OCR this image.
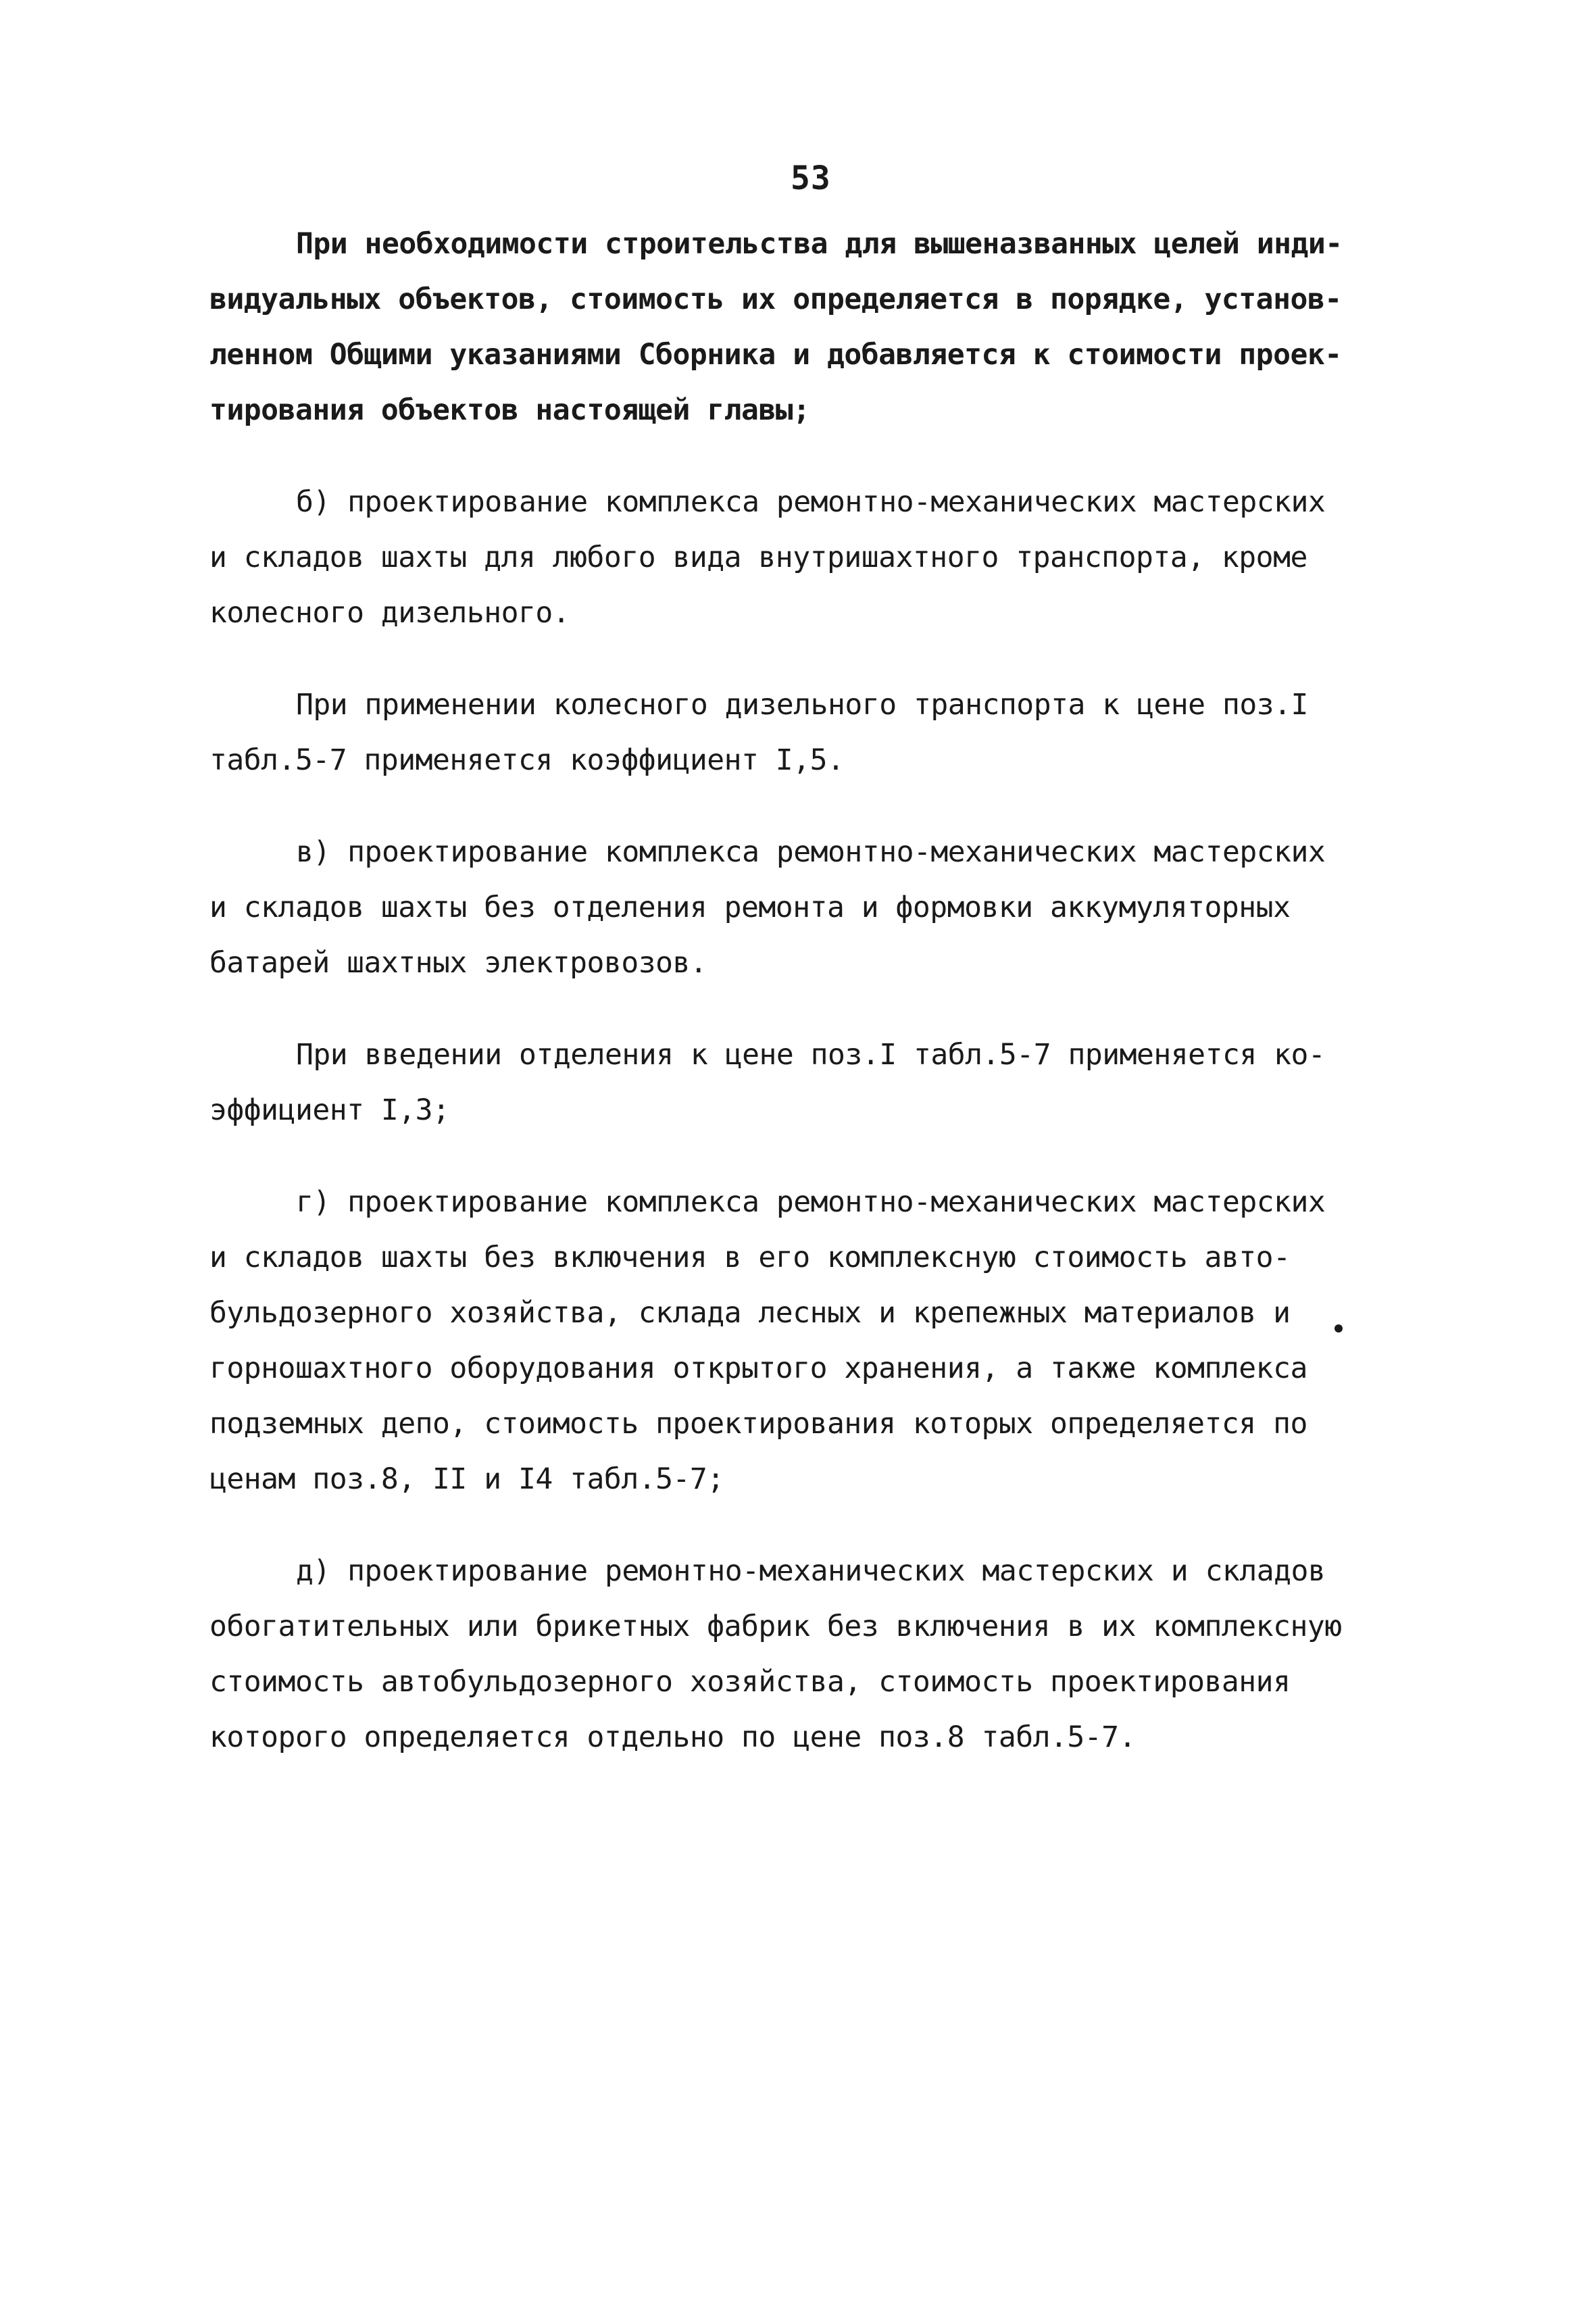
53
При необходимости строительства для вышеназванных целей инди-
видуальных объектов, стоимость их определяется в порядке, установ-
ленном Общими указаниями Сборника и добавляется к стоимости проек-
тирования объектов настоящей главы;
б) проектирование комплекса ремонтно-механических мастерских
и складов шахты для любого вида внутришахтного транспорта, кроме
колесного дизельного.
При применении колесного дизельного транспорта к цене поз.I
табл.5-7 применяется коэффициент I,5.
в) проектирование комплекса ремонтно-механических мастерских
и складов шахты без отделения ремонта и формовки аккумуляторных
батарей шахтных электровозов.
При введении отделения к цене поз.I табл.5-7 применяется ко-
эффициент I,3;
г) проектирование комплекса ремонтно-механических мастерских
и складов шахты без включения в его комплексную стоимость авто-
бульдозерного хозяйства, склада лесных и крепежных материалов и
горношахтного оборудования открытого хранения, а также комплекса
подземных депо, стоимость проектирования которых определяется по
ценам поз.8, II и I4 табл.5-7;
д) проектирование ремонтно-механических мастерских и складов
обогатительных или брикетных фабрик без включения в их комплексную
стоимость автобульдозерного хозяйства, стоимость проектирования
которого определяется отдельно по цене поз.8 табл.5-7.
